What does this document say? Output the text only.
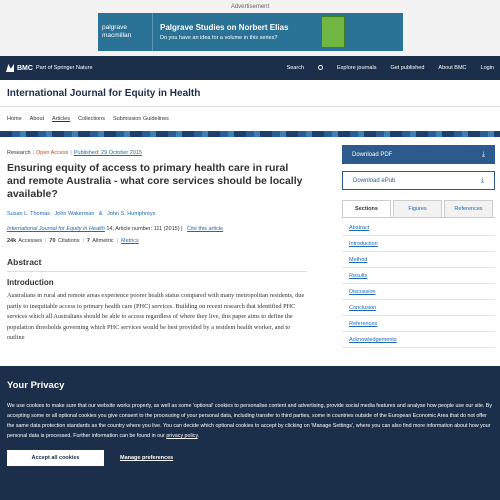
Advertisement
palgrave
macmillan
Palgrave Studies on Norbert Elias
Do you have an idea for a volume in this series?
BMC Part of Springer Nature	Search	Explore journals	Get published	About BMC	Login
International Journal for Equity in Health
Home About Articles Collections Submission Guidelines
Research | Open Access | Published: 29 October 2015
Ensuring equity of access to primary health care in rural and remote Australia - what core services should be locally available?
Susan L. Thomas John Wakerman & John S. Humphreys
International Journal for Equity in Health 14, Article number: 111 (2015) | Cite this article
24k Accesses | 70 Citations | 7 Altmetric | Metrics
Abstract
Introduction

Australians in rural and remote areas experience poorer health status compared with many metropolitan residents, due partly to inequitable access to primary health care (PHC) services. Building on recent research that identified PHC services which all Australians should be able to access regardless of where they live, this paper aims to define the population thresholds governing which PHC services would be best provided by a resident health worker, and to outline

Download PDF	⤓
Download ePub	⤓
Sections	Figures	References
Abstract
Introduction
Method
Results
Discussion
Conclusion
References
Acknowledgements
Your Privacy

We use cookies to make sure that our website works properly, as well as some 'optional' cookies to personalise content and advertising, provide social media features and analyse how people use our site. By accepting some or all optional cookies you give consent to the processing of your personal data, including transfer to third parties, some in countries outside of the European Economic Area that do not offer the same data protection standards as the country where you live. You can decide which optional cookies to accept by clicking on 'Manage Settings', where you can also find more information about how your personal data is processed. Further information can be found in our privacy policy.

Accept all cookies	Manage preferences
